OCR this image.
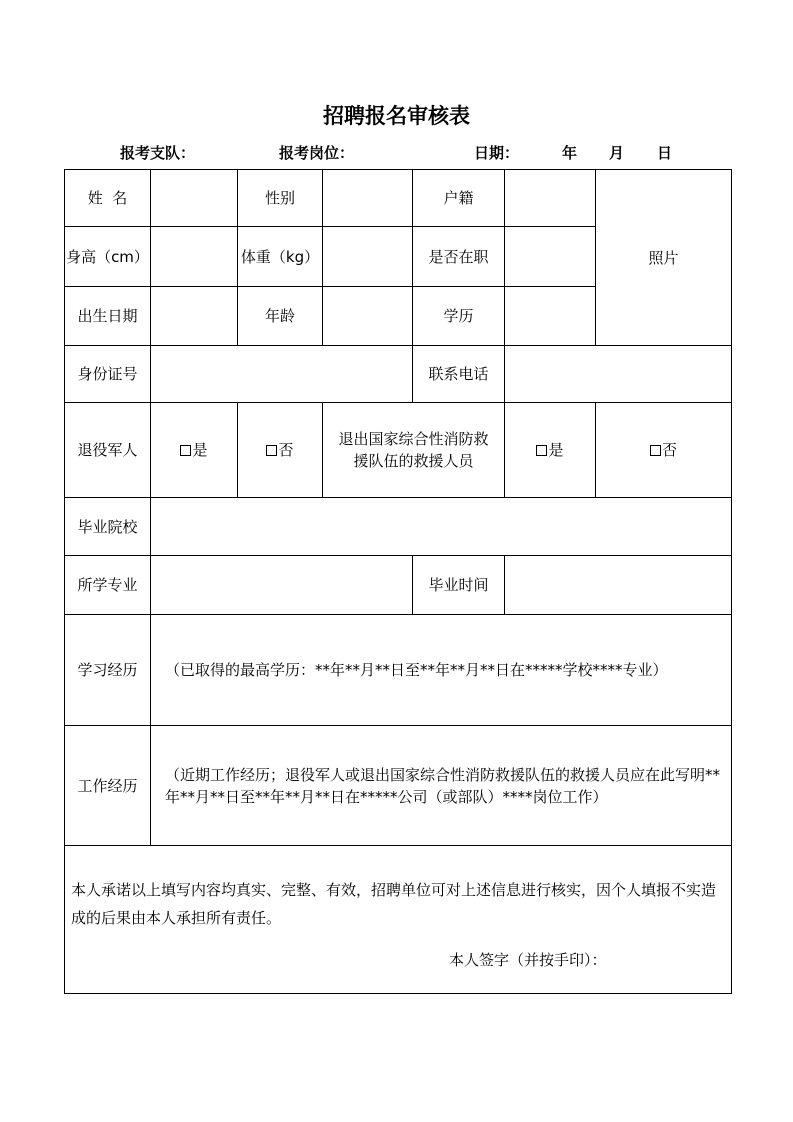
招聘报名审核表
报考支队：	报考岗位：	日期：	年 月 日
姓  名		性别		户籍		照片
身高（cm）		体重（kg）		是否在职		
出生日期		年龄		学历		
身份证号				联系电话		
退役军人	是	否	退出国家综合性消防救援队伍的救援人员		是	否
毕业院校						
所学专业				毕业时间		
学习经历	（已取得的最高学历：**年**月**日至**年**月**日在*****学校****专业）					
工作经历	（近期工作经历；退役军人或退出国家综合性消防救援队伍的救援人员应在此写明**年**月**日至**年**月**日在*****公司（或部队）****岗位工作）					
本人承诺以上填写内容均真实、完整、有效，招聘单位可对上述信息进行核实，因个人填报不实造成的后果由本人承担所有责任。
本人签字（并按手印）：						
